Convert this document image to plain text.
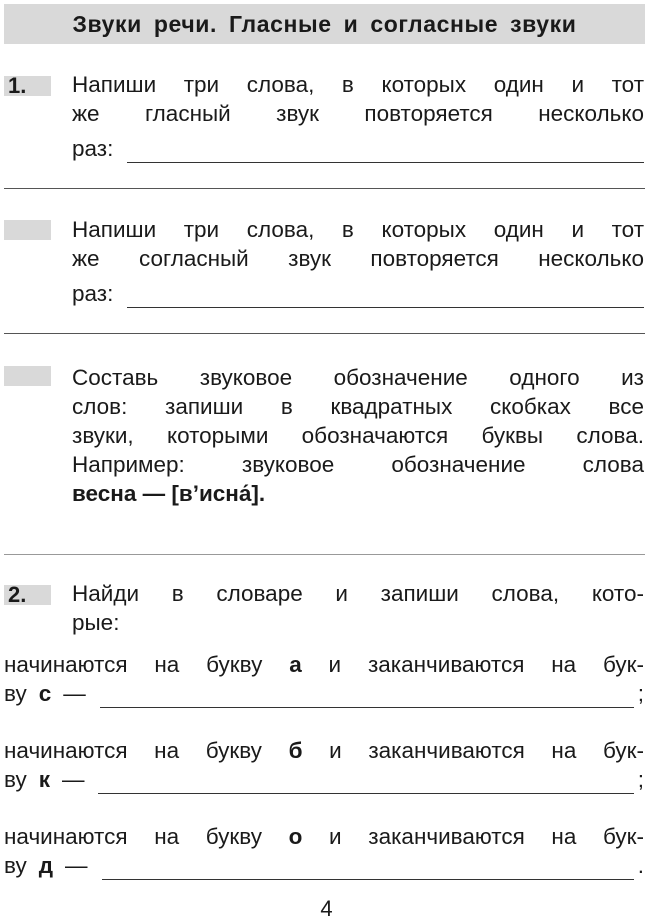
Звуки речи. Гласные и согласные звуки
1.	Напиши три слова, в которых один и тот
же гласный звук повторяется несколько
раз:
Напиши три слова, в которых один и тот
же согласный звук повторяется несколько
раз:
Составь звуковое обозначение одного из
слов: запиши в квадратных скобках все
звуки, которыми обозначаются буквы слова.
Например: звуковое обозначение слова
весна — [в’исна́].
2.	Найди в словаре и запиши слова, кото-
рые:
начинаются на букву а и заканчиваются на бук-
ву с —	;
начинаются на букву б и заканчиваются на бук-
ву к —	;
начинаются на букву о и заканчиваются на бук-
ву д —	.
4
